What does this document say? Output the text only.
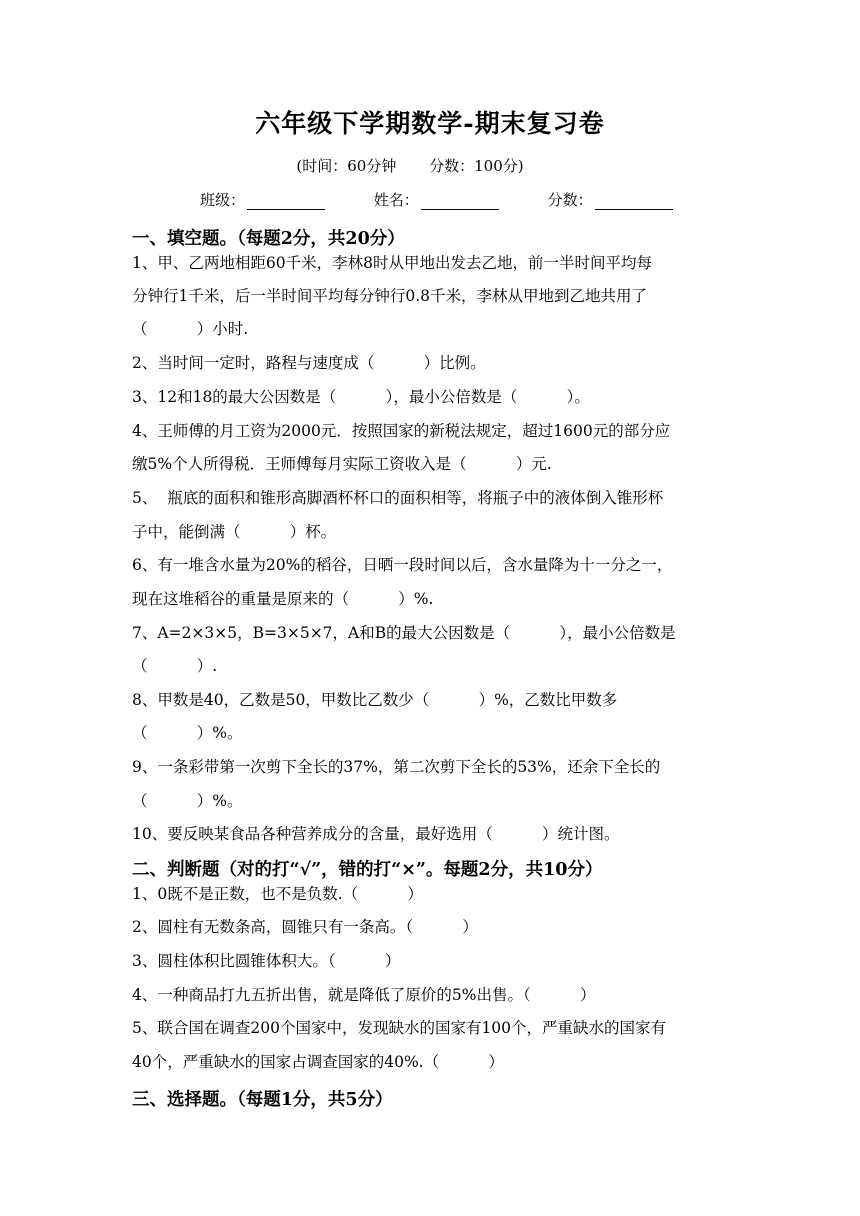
六年级下学期数学-期末复习卷
(时间：60分钟 分数：100分)
班级：	姓名：	分数：
一、填空题。（每题2分，共20分）
1、甲、乙两地相距60千米，李林8时从甲地出发去乙地，前一半时间平均每
分钟行1千米，后一半时间平均每分钟行0.8千米，李林从甲地到乙地共用了
（          ）小时.
2、当时间一定时，路程与速度成（          ）比例。
3、12和18的最大公因数是（          ），最小公倍数是（          ）。
4、王师傅的月工资为2000元．按照国家的新税法规定，超过1600元的部分应
缴5%个人所得税．王师傅每月实际工资收入是（          ）元.
5、  瓶底的面积和锥形高脚酒杯杯口的面积相等，将瓶子中的液体倒入锥形杯
子中，能倒满（          ）杯。
6、有一堆含水量为20%的稻谷，日晒一段时间以后，含水量降为十一分之一，
现在这堆稻谷的重量是原来的（          ）%.
7、A=2×3×5，B=3×5×7，A和B的最大公因数是（          ），最小公倍数是
（          ）.
8、甲数是40，乙数是50，甲数比乙数少（          ）%，乙数比甲数多
（          ）%。
9、一条彩带第一次剪下全长的37%，第二次剪下全长的53%，还余下全长的
（          ）%。
10、要反映某食品各种营养成分的含量，最好选用（          ）统计图。
二、判断题（对的打“√”，错的打“×”。每题2分，共10分）
1、0既不是正数，也不是负数.（          ）
2、圆柱有无数条高，圆锥只有一条高。（          ）
3、圆柱体积比圆锥体积大。（          ）
4、一种商品打九五折出售，就是降低了原价的5%出售。（          ）
5、联合国在调查200个国家中，发现缺水的国家有100个，严重缺水的国家有
40个，严重缺水的国家占调查国家的40%.（          ）
三、选择题。（每题1分，共5分）
